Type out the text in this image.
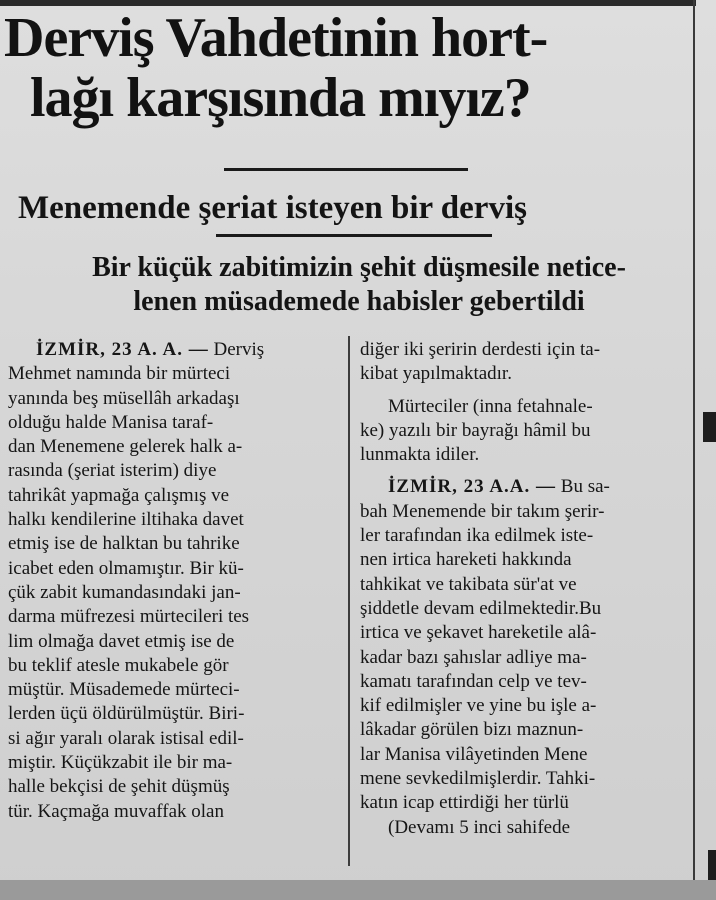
Derviş Vahdetinin hort-
lağı karşısında mıyız?
Menemende şeriat isteyen bir derviş
Bir küçük zabitimizin şehit düşmesile netice-
lenen müsademede habisler gebertildi

İZMİR, 23 A. A. — Derviş

Mehmet namında bir mürteci

yanında beş müsellâh arkadaşı

olduğu halde Manisa taraf-

dan Menemene gelerek halk a-

rasında (şeriat isterim) diye

tahrikât yapmağa çalışmış ve

halkı kendilerine iltihaka davet

etmiş ise de halktan bu tahrike

icabet eden olmamıştır. Bir kü-

çük zabit kumandasındaki jan-

darma müfrezesi mürtecileri tes

lim olmağa davet etmiş ise de

bu teklif atesle mukabele gör

müştür. Müsademede mürteci-

lerden üçü öldürülmüştür. Biri-

si ağır yaralı olarak istisal edil-

miştir. Küçükzabit ile bir ma-

halle bekçisi de şehit düşmüş

tür. Kaçmağa muvaffak olan

diğer iki şeririn derdesti için ta-

kibat yapılmaktadır.

Mürteciler (inna fetahnale-

ke) yazılı bir bayrağı hâmil bu

lunmakta idiler.

İZMİR, 23 A.A. — Bu sa-

bah Menemende bir takım şerir-

ler tarafından ika edilmek iste-

nen irtica hareketi hakkında

tahkikat ve takibata sür'at ve

şiddetle devam edilmektedir.Bu

irtica ve şekavet hareketile alâ-

kadar bazı şahıslar adliye ma-

kamatı tarafından celp ve tev-

kif edilmişler ve yine bu işle a-

lâkadar görülen bizı maznun-

lar Manisa vilâyetinden Mene

mene sevkedilmişlerdir. Tahki-

katın icap ettirdiği her türlü

(Devamı 5 inci sahifede
